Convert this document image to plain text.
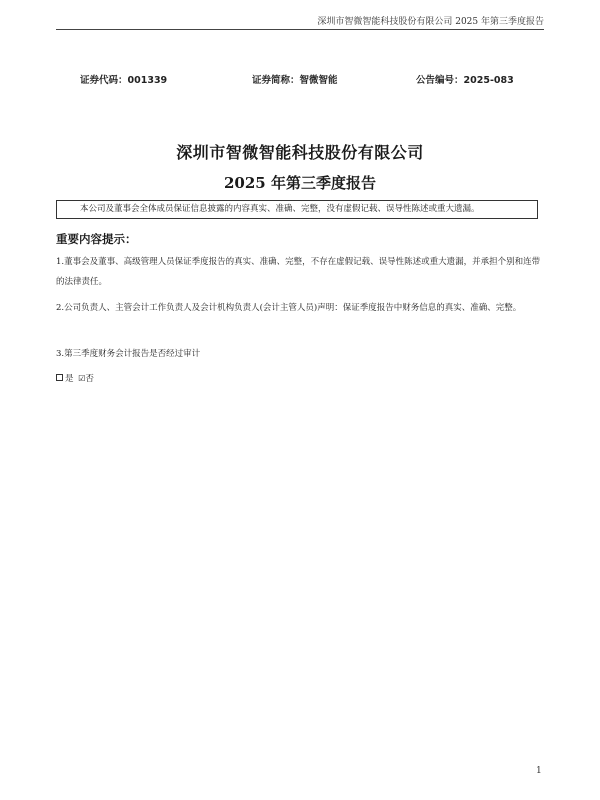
深圳市智微智能科技股份有限公司 2025 年第三季度报告
证券代码：001339	证券简称：智微智能	公告编号：2025-083
深圳市智微智能科技股份有限公司
2025 年第三季度报告
本公司及董事会全体成员保证信息披露的内容真实、准确、完整，没有虚假记载、误导性陈述或重大遗漏。
重要内容提示：
1.董事会及董事、高级管理人员保证季度报告的真实、准确、完整，不存在虚假记载、误导性陈述或重大遗漏，并承担个别和连带的法律责任。
2.公司负责人、主管会计工作负责人及会计机构负责人(会计主管人员)声明：保证季度报告中财务信息的真实、准确、完整。
3.第三季度财务会计报告是否经过审计
是 ☑否
1
